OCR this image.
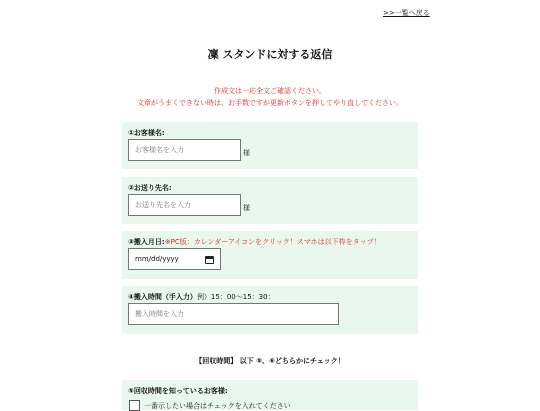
>>一覧へ戻る
凜 スタンドに対する返信
作成文は一応全文ご確認ください。
文章がうまくできない時は、お手数ですが更新ボタンを押してやり直してください。
①お客様名:
お客様名を入力	様
②お送り先名:
お送り先名を入力	様
③搬入月日:※PC版：カレンダーアイコンをクリック！スマホは以下枠をタップ！
mm/dd/yyyy
④搬入時間（手入力）例）15：00〜15：30：
搬入時間を入力
【回収時間】 以下 ⑤、⑥どちらかにチェック！
⑤回収時間を知っているお客様:
一番示したい場合はチェックを入れてください
